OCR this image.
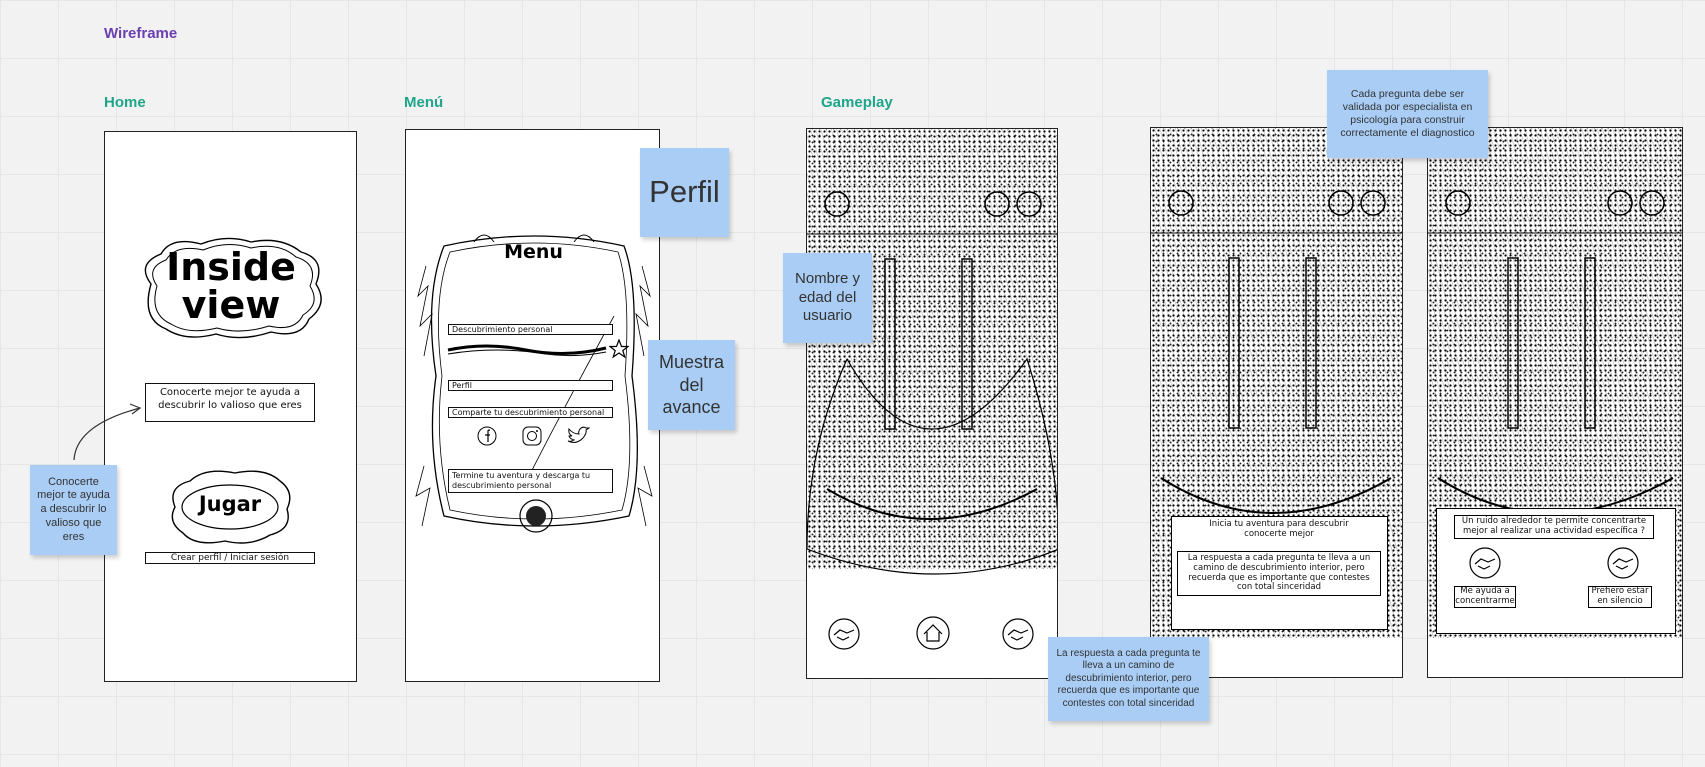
Wireframe
Home	Menú	Gameplay
Inside
view
Conocerte mejor te ayuda a descubrir lo valioso que eres
Jugar
Crear perfil / Iniciar sesión
Menu
Descubrimiento personal
Perfil
Comparte tu descubrimiento personal
Termine tu aventura y descarga tu descubrimiento personal
Inicia tu aventura para descubrir
conocerte mejor
La respuesta a cada pregunta te lleva a un camino de descubrimiento interior, pero recuerda que es importante que contestes con total sinceridad
Un ruido alrededor te permite concentrarte mejor al realizar una actividad específica ?
Me ayuda a concentrarme
Prefiero estar en silencio
Conocerte mejor te ayuda a descubrir lo valioso que eres
Perfil
Muestra del avance
Nombre y edad del usuario
Cada pregunta debe ser validada por especialista en psicología para construir correctamente el diagnostico
La respuesta a cada pregunta te lleva a un camino de descubrimiento interior, pero recuerda que es importante que contestes con total sinceridad
